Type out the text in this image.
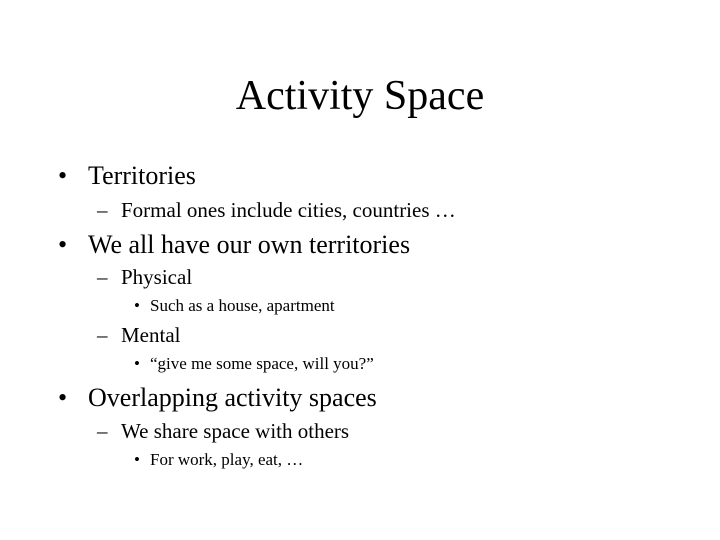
Activity Space
• Territories
– Formal ones include cities, countries …
• We all have our own territories
– Physical
• Such as a house, apartment
– Mental
• “give me some space, will you?”
• Overlapping activity spaces
– We share space with others
• For work, play, eat, …
